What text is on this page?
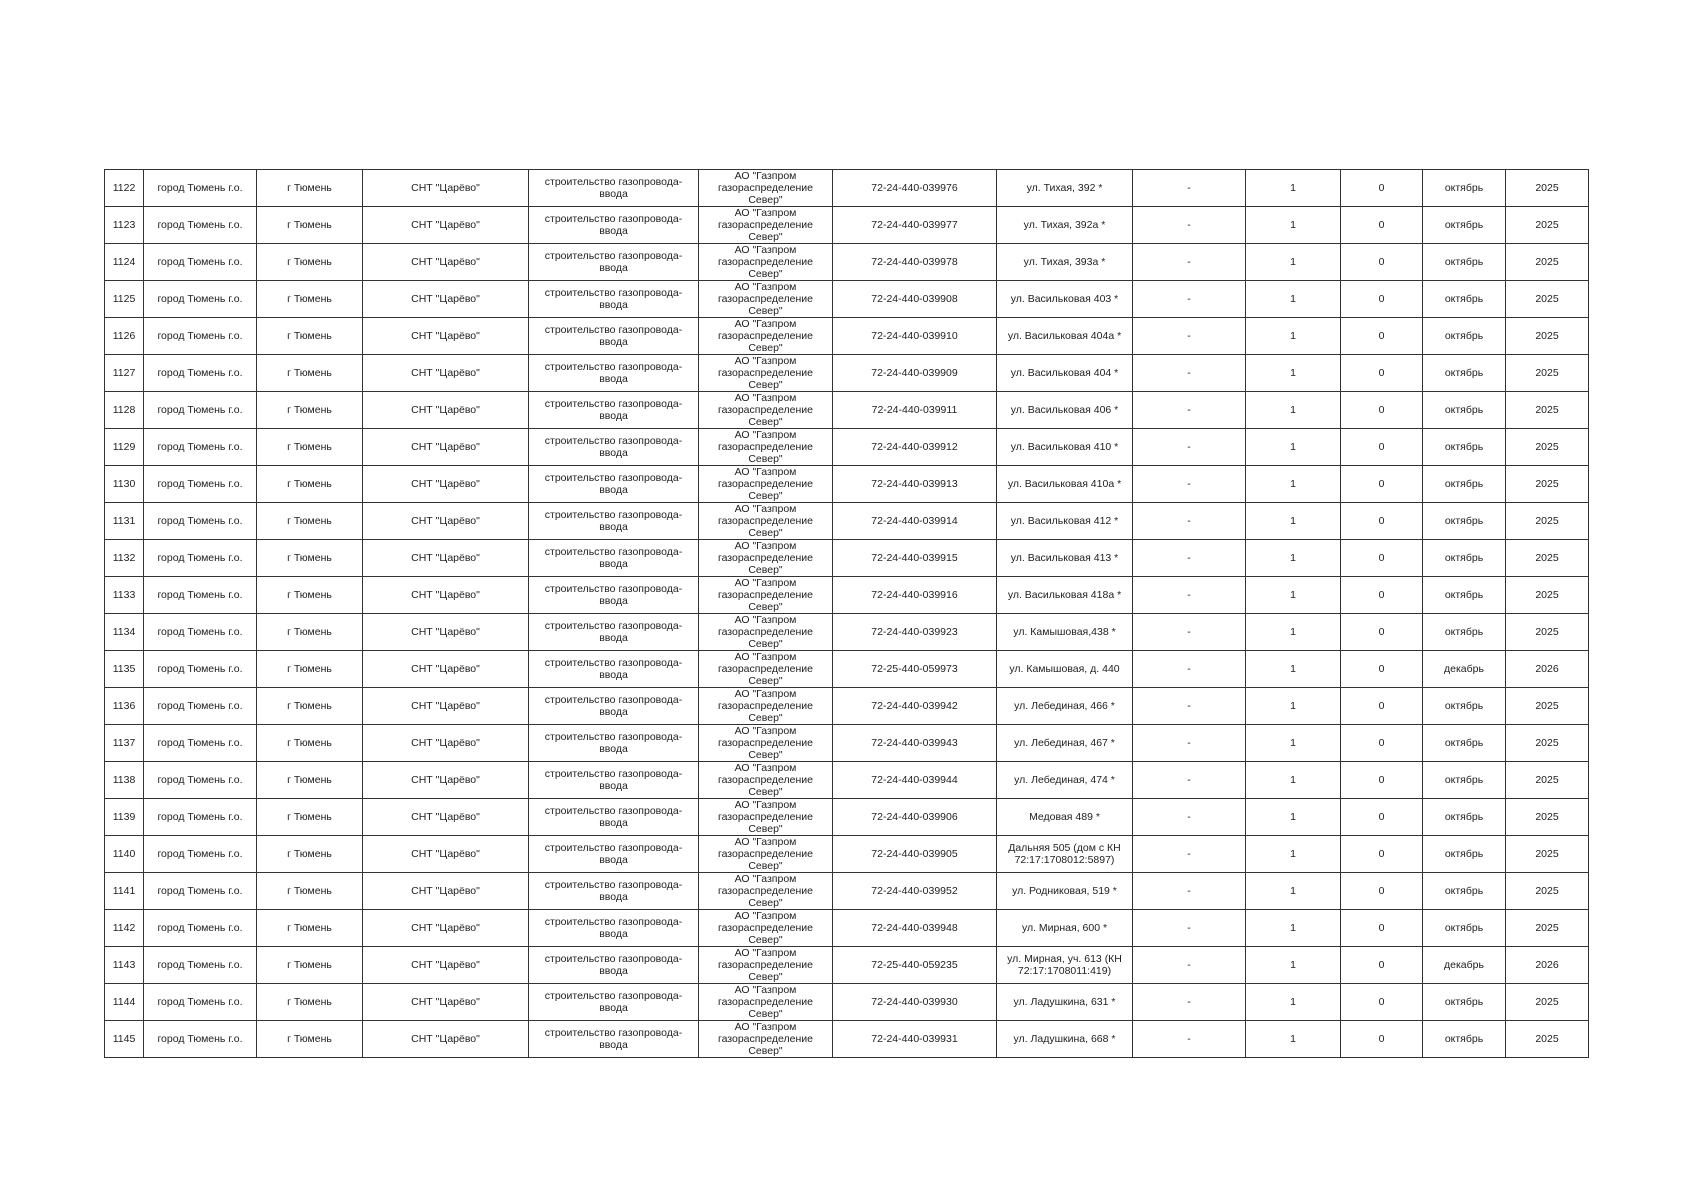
1122	город Тюмень г.о.	г Тюмень	СНТ "Царёво"	строительство газопровода-ввода	АО "Газпром газораспределение Север"	72-24-440-039976	ул. Тихая, 392 *	-	1	0	октябрь	2025
1123	город Тюмень г.о.	г Тюмень	СНТ "Царёво"	строительство газопровода-ввода	АО "Газпром газораспределение Север"	72-24-440-039977	ул. Тихая, 392а *	-	1	0	октябрь	2025
1124	город Тюмень г.о.	г Тюмень	СНТ "Царёво"	строительство газопровода-ввода	АО "Газпром газораспределение Север"	72-24-440-039978	ул. Тихая, 393а *	-	1	0	октябрь	2025
1125	город Тюмень г.о.	г Тюмень	СНТ "Царёво"	строительство газопровода-ввода	АО "Газпром газораспределение Север"	72-24-440-039908	ул. Васильковая 403 *	-	1	0	октябрь	2025
1126	город Тюмень г.о.	г Тюмень	СНТ "Царёво"	строительство газопровода-ввода	АО "Газпром газораспределение Север"	72-24-440-039910	ул. Васильковая 404а *	-	1	0	октябрь	2025
1127	город Тюмень г.о.	г Тюмень	СНТ "Царёво"	строительство газопровода-ввода	АО "Газпром газораспределение Север"	72-24-440-039909	ул. Васильковая 404 *	-	1	0	октябрь	2025
1128	город Тюмень г.о.	г Тюмень	СНТ "Царёво"	строительство газопровода-ввода	АО "Газпром газораспределение Север"	72-24-440-039911	ул. Васильковая 406 *	-	1	0	октябрь	2025
1129	город Тюмень г.о.	г Тюмень	СНТ "Царёво"	строительство газопровода-ввода	АО "Газпром газораспределение Север"	72-24-440-039912	ул. Васильковая 410 *	-	1	0	октябрь	2025
1130	город Тюмень г.о.	г Тюмень	СНТ "Царёво"	строительство газопровода-ввода	АО "Газпром газораспределение Север"	72-24-440-039913	ул. Васильковая 410а *	-	1	0	октябрь	2025
1131	город Тюмень г.о.	г Тюмень	СНТ "Царёво"	строительство газопровода-ввода	АО "Газпром газораспределение Север"	72-24-440-039914	ул. Васильковая 412 *	-	1	0	октябрь	2025
1132	город Тюмень г.о.	г Тюмень	СНТ "Царёво"	строительство газопровода-ввода	АО "Газпром газораспределение Север"	72-24-440-039915	ул. Васильковая 413 *	-	1	0	октябрь	2025
1133	город Тюмень г.о.	г Тюмень	СНТ "Царёво"	строительство газопровода-ввода	АО "Газпром газораспределение Север"	72-24-440-039916	ул. Васильковая 418а *	-	1	0	октябрь	2025
1134	город Тюмень г.о.	г Тюмень	СНТ "Царёво"	строительство газопровода-ввода	АО "Газпром газораспределение Север"	72-24-440-039923	ул. Камышовая,438 *	-	1	0	октябрь	2025
1135	город Тюмень г.о.	г Тюмень	СНТ "Царёво"	строительство газопровода-ввода	АО "Газпром газораспределение Север"	72-25-440-059973	ул. Камышовая, д. 440	-	1	0	декабрь	2026
1136	город Тюмень г.о.	г Тюмень	СНТ "Царёво"	строительство газопровода-ввода	АО "Газпром газораспределение Север"	72-24-440-039942	ул. Лебединая, 466 *	-	1	0	октябрь	2025
1137	город Тюмень г.о.	г Тюмень	СНТ "Царёво"	строительство газопровода-ввода	АО "Газпром газораспределение Север"	72-24-440-039943	ул. Лебединая, 467 *	-	1	0	октябрь	2025
1138	город Тюмень г.о.	г Тюмень	СНТ "Царёво"	строительство газопровода-ввода	АО "Газпром газораспределение Север"	72-24-440-039944	ул. Лебединая, 474 *	-	1	0	октябрь	2025
1139	город Тюмень г.о.	г Тюмень	СНТ "Царёво"	строительство газопровода-ввода	АО "Газпром газораспределение Север"	72-24-440-039906	Медовая 489 *	-	1	0	октябрь	2025
1140	город Тюмень г.о.	г Тюмень	СНТ "Царёво"	строительство газопровода-ввода	АО "Газпром газораспределение Север"	72-24-440-039905	Дальняя 505 (дом с КН 72:17:1708012:5897)	-	1	0	октябрь	2025
1141	город Тюмень г.о.	г Тюмень	СНТ "Царёво"	строительство газопровода-ввода	АО "Газпром газораспределение Север"	72-24-440-039952	ул. Родниковая, 519 *	-	1	0	октябрь	2025
1142	город Тюмень г.о.	г Тюмень	СНТ "Царёво"	строительство газопровода-ввода	АО "Газпром газораспределение Север"	72-24-440-039948	ул. Мирная, 600 *	-	1	0	октябрь	2025
1143	город Тюмень г.о.	г Тюмень	СНТ "Царёво"	строительство газопровода-ввода	АО "Газпром газораспределение Север"	72-25-440-059235	ул. Мирная, уч. 613 (КН 72:17:1708011:419)	-	1	0	декабрь	2026
1144	город Тюмень г.о.	г Тюмень	СНТ "Царёво"	строительство газопровода-ввода	АО "Газпром газораспределение Север"	72-24-440-039930	ул. Ладушкина, 631 *	-	1	0	октябрь	2025
1145	город Тюмень г.о.	г Тюмень	СНТ "Царёво"	строительство газопровода-ввода	АО "Газпром газораспределение Север"	72-24-440-039931	ул. Ладушкина, 668 *	-	1	0	октябрь	2025
